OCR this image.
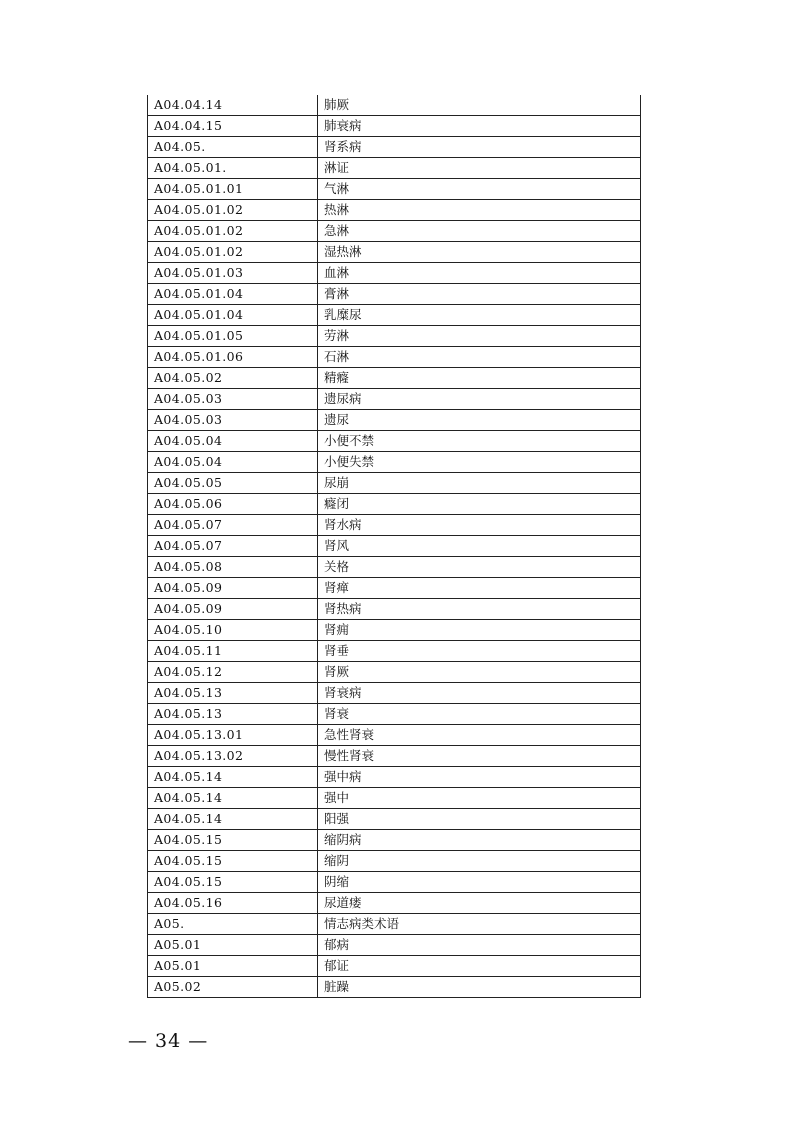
A04.04.14	肺厥
A04.04.15	肺衰病
A04.05.	肾系病
A04.05.01.	淋证
A04.05.01.01	气淋
A04.05.01.02	热淋
A04.05.01.02	急淋
A04.05.01.02	湿热淋
A04.05.01.03	血淋
A04.05.01.04	膏淋
A04.05.01.04	乳糜尿
A04.05.01.05	劳淋
A04.05.01.06	石淋
A04.05.02	精癃
A04.05.03	遗尿病
A04.05.03	遗尿
A04.05.04	小便不禁
A04.05.04	小便失禁
A04.05.05	尿崩
A04.05.06	癃闭
A04.05.07	肾水病
A04.05.07	肾风
A04.05.08	关格
A04.05.09	肾瘅
A04.05.09	肾热病
A04.05.10	肾痈
A04.05.11	肾垂
A04.05.12	肾厥
A04.05.13	肾衰病
A04.05.13	肾衰
A04.05.13.01	急性肾衰
A04.05.13.02	慢性肾衰
A04.05.14	强中病
A04.05.14	强中
A04.05.14	阳强
A04.05.15	缩阴病
A04.05.15	缩阴
A04.05.15	阴缩
A04.05.16	尿道瘘
A05.	情志病类术语
A05.01	郁病
A05.01	郁证
A05.02	脏躁
— 34 —
